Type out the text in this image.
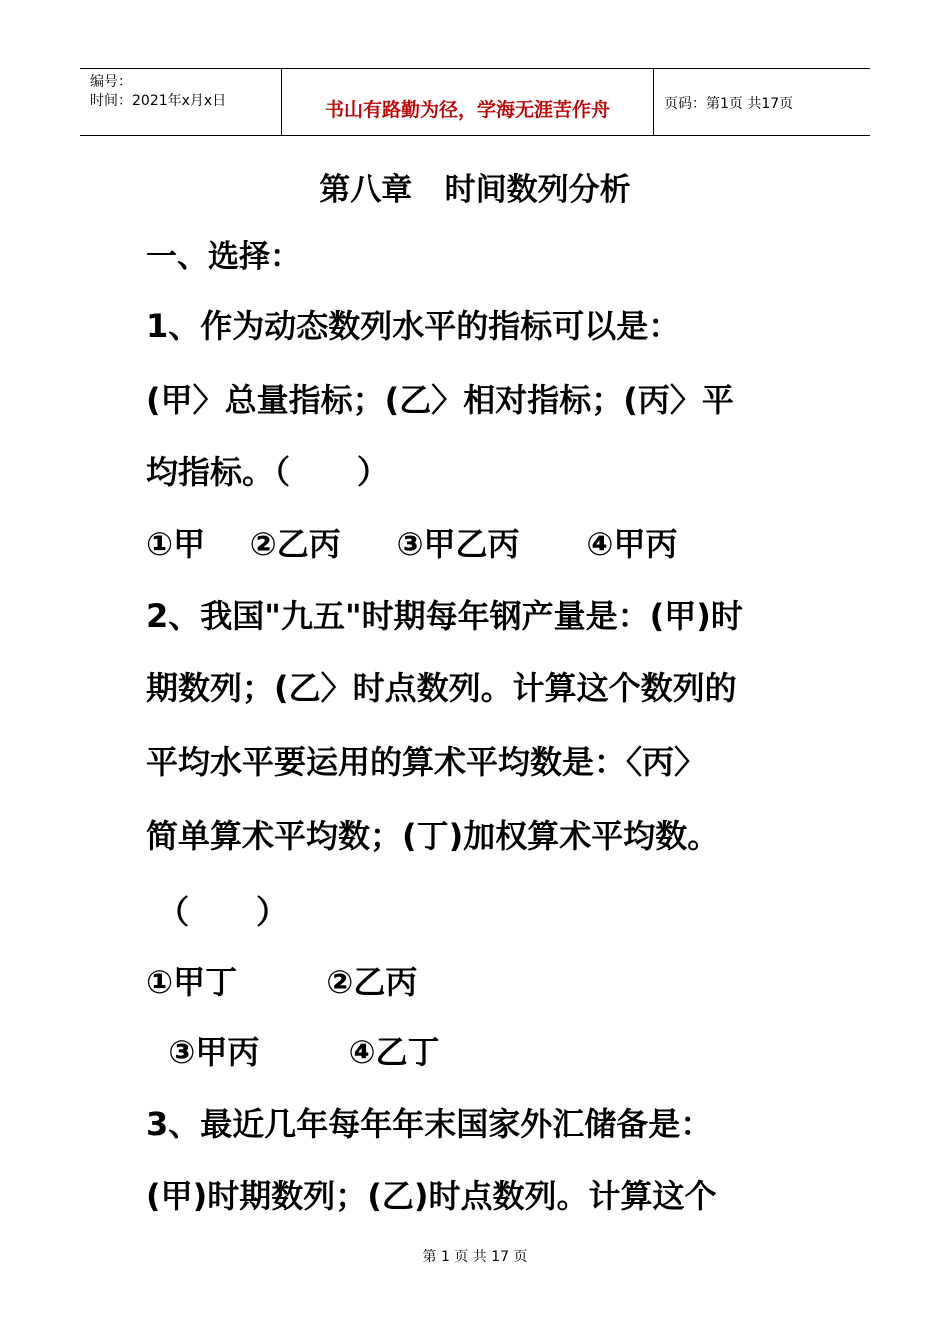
编号：
时间：2021年x月x日	书山有路勤为径，学海无涯苦作舟	页码：第1页 共17页
第八章   时间数列分析
一、选择：
1、作为动态数列水平的指标可以是：
(甲〉总量指标；(乙〉相对指标；(丙〉平
均指标。（      ）
①甲    ②乙丙     ③甲乙丙      ④甲丙
2、我国"九五"时期每年钢产量是：(甲)时
期数列；(乙〉时点数列。计算这个数列的
平均水平要运用的算术平均数是：〈丙〉
简单算术平均数；(丁)加权算术平均数。
（      ）
①甲丁        ②乙丙
③甲丙        ④乙丁
3、最近几年每年年末国家外汇储备是：
(甲)时期数列；(乙)时点数列。计算这个
第 1 页 共 17 页
